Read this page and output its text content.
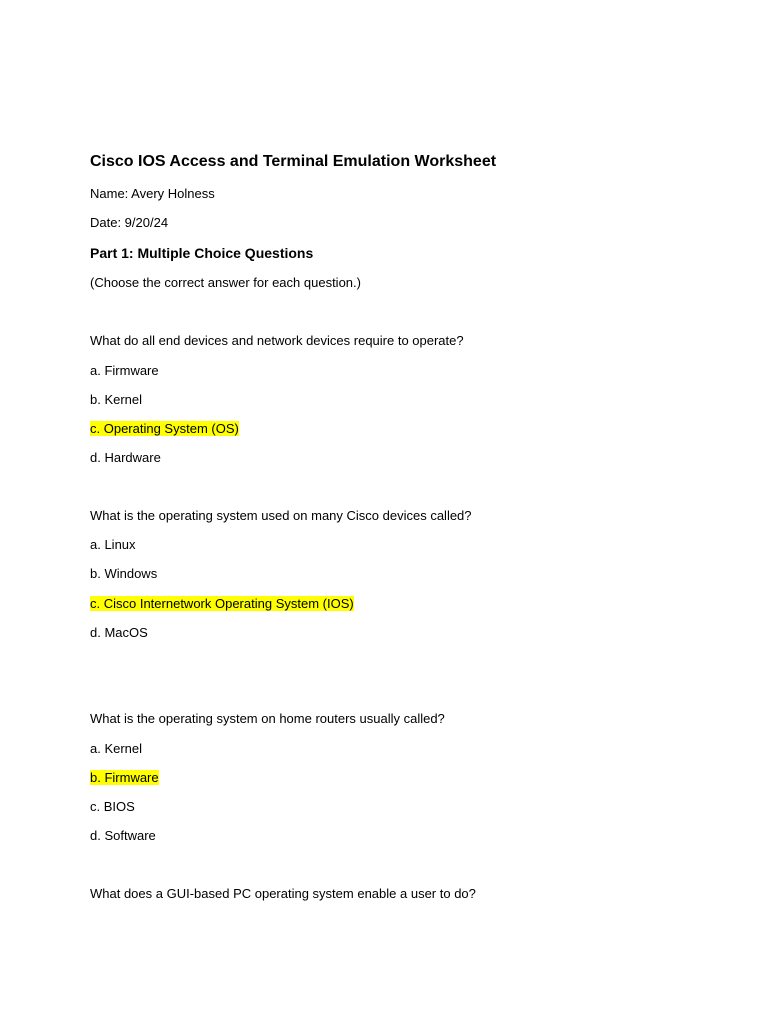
Cisco IOS Access and Terminal Emulation Worksheet
Name: Avery Holness
Date: 9/20/24
Part 1: Multiple Choice Questions
(Choose the correct answer for each question.)
What do all end devices and network devices require to operate?
a. Firmware
b. Kernel
c. Operating System (OS)
d. Hardware
What is the operating system used on many Cisco devices called?
a. Linux
b. Windows
c. Cisco Internetwork Operating System (IOS)
d. MacOS
What is the operating system on home routers usually called?
a. Kernel
b. Firmware
c. BIOS
d. Software
What does a GUI-based PC operating system enable a user to do?
